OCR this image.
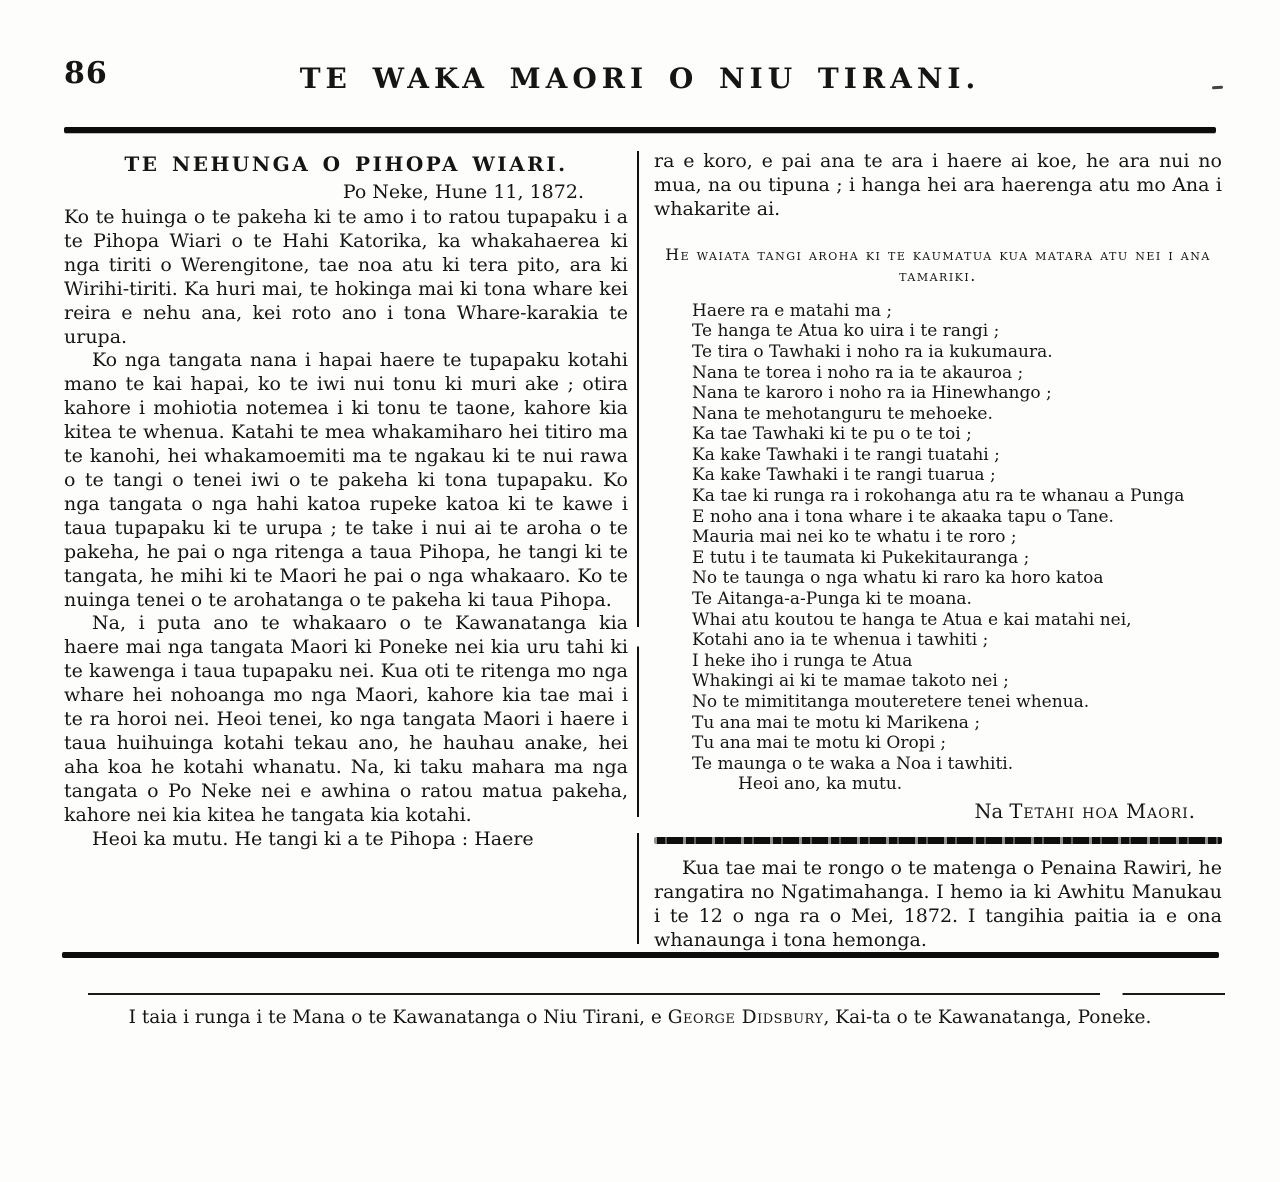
86	TE WAKA MAORI O NIU TIRANI.
TE NEHUNGA O PIHOPA WIARI.
Po Neke, Hune 11, 1872.

Ko te huinga o te pakeha ki te amo i to ratou tupapaku i a te Pihopa Wiari o te Hahi Katorika, ka whakahaerea ki nga tiriti o Werengitone, tae noa atu ki tera pito, ara ki Wirihi-tiriti. Ka huri mai, te hokinga mai ki tona whare kei reira e nehu ana, kei roto ano i tona Whare-karakia te urupa.

Ko nga tangata nana i hapai haere te tupapaku kotahi mano te kai hapai, ko te iwi nui tonu ki muri ake ; otira kahore i mohiotia notemea i ki tonu te taone, kahore kia kitea te whenua. Katahi te mea whakamiharo hei titiro ma te kanohi, hei whakamoemiti ma te ngakau ki te nui rawa o te tangi o tenei iwi o te pakeha ki tona tupapaku. Ko nga tangata o nga hahi katoa rupeke katoa ki te kawe i taua tupapaku ki te urupa ; te take i nui ai te aroha o te pakeha, he pai o nga ritenga a taua Pihopa, he tangi ki te tangata, he mihi ki te Maori he pai o nga whakaaro. Ko te nuinga tenei o te arohatanga o te pakeha ki taua Pihopa.

Na, i puta ano te whakaaro o te Kawanatanga kia haere mai nga tangata Maori ki Poneke nei kia uru tahi ki te kawenga i taua tupapaku nei. Kua oti te ritenga mo nga whare hei nohoanga mo nga Maori, kahore kia tae mai i te ra horoi nei. Heoi tenei, ko nga tangata Maori i haere i taua huihuinga kotahi tekau ano, he hauhau anake, hei aha koa he kotahi whanatu. Na, ki taku mahara ma nga tangata o Po Neke nei e awhina o ratou matua pakeha, kahore nei kia kitea he tangata kia kotahi.

Heoi ka mutu. He tangi ki a te Pihopa : Haere

ra e koro, e pai ana te ara i haere ai koe, he ara nui no mua, na ou tipuna ; i hanga hei ara haerenga atu mo Ana i whakarite ai.

He waiata tangi aroha ki te kaumatua kua matara atu nei i ana tamariki.
Haere ra e matahi ma ;
Te hanga te Atua ko uira i te rangi ;
Te tira o Tawhaki i noho ra ia kukumaura.
Nana te torea i noho ra ia te akauroa ;
Nana te karoro i noho ra ia Hinewhango ;
Nana te mehotanguru te mehoeke.
Ka tae Tawhaki ki te pu o te toi ;
Ka kake Tawhaki i te rangi tuatahi ;
Ka kake Tawhaki i te rangi tuarua ;
Ka tae ki runga ra i rokohanga atu ra te whanau a Punga
E noho ana i tona whare i te akaaka tapu o Tane.
Mauria mai nei ko te whatu i te roro ;
E tutu i te taumata ki Pukekitauranga ;
No te taunga o nga whatu ki raro ka horo katoa
Te Aitanga-a-Punga ki te moana.
Whai atu koutou te hanga te Atua e kai matahi nei,
Kotahi ano ia te whenua i tawhiti ;
I heke iho i runga te Atua
Whakingi ai ki te mamae takoto nei ;
No te mimititanga mouteretere tenei whenua.
Tu ana mai te motu ki Marikena ;
Tu ana mai te motu ki Oropi ;
Te maunga o te waka a Noa i tawhiti.
Heoi ano, ka mutu.
Na Tetahi hoa Maori.

Kua tae mai te rongo o te matenga o Penaina Rawiri, he rangatira no Ngatimahanga. I hemo ia ki Awhitu Manukau i te 12 o nga ra o Mei, 1872. I tangihia paitia ia e ona whanaunga i tona hemonga.

I taia i runga i te Mana o te Kawanatanga o Niu Tirani, e George Didsbury, Kai-ta o te Kawanatanga, Poneke.
